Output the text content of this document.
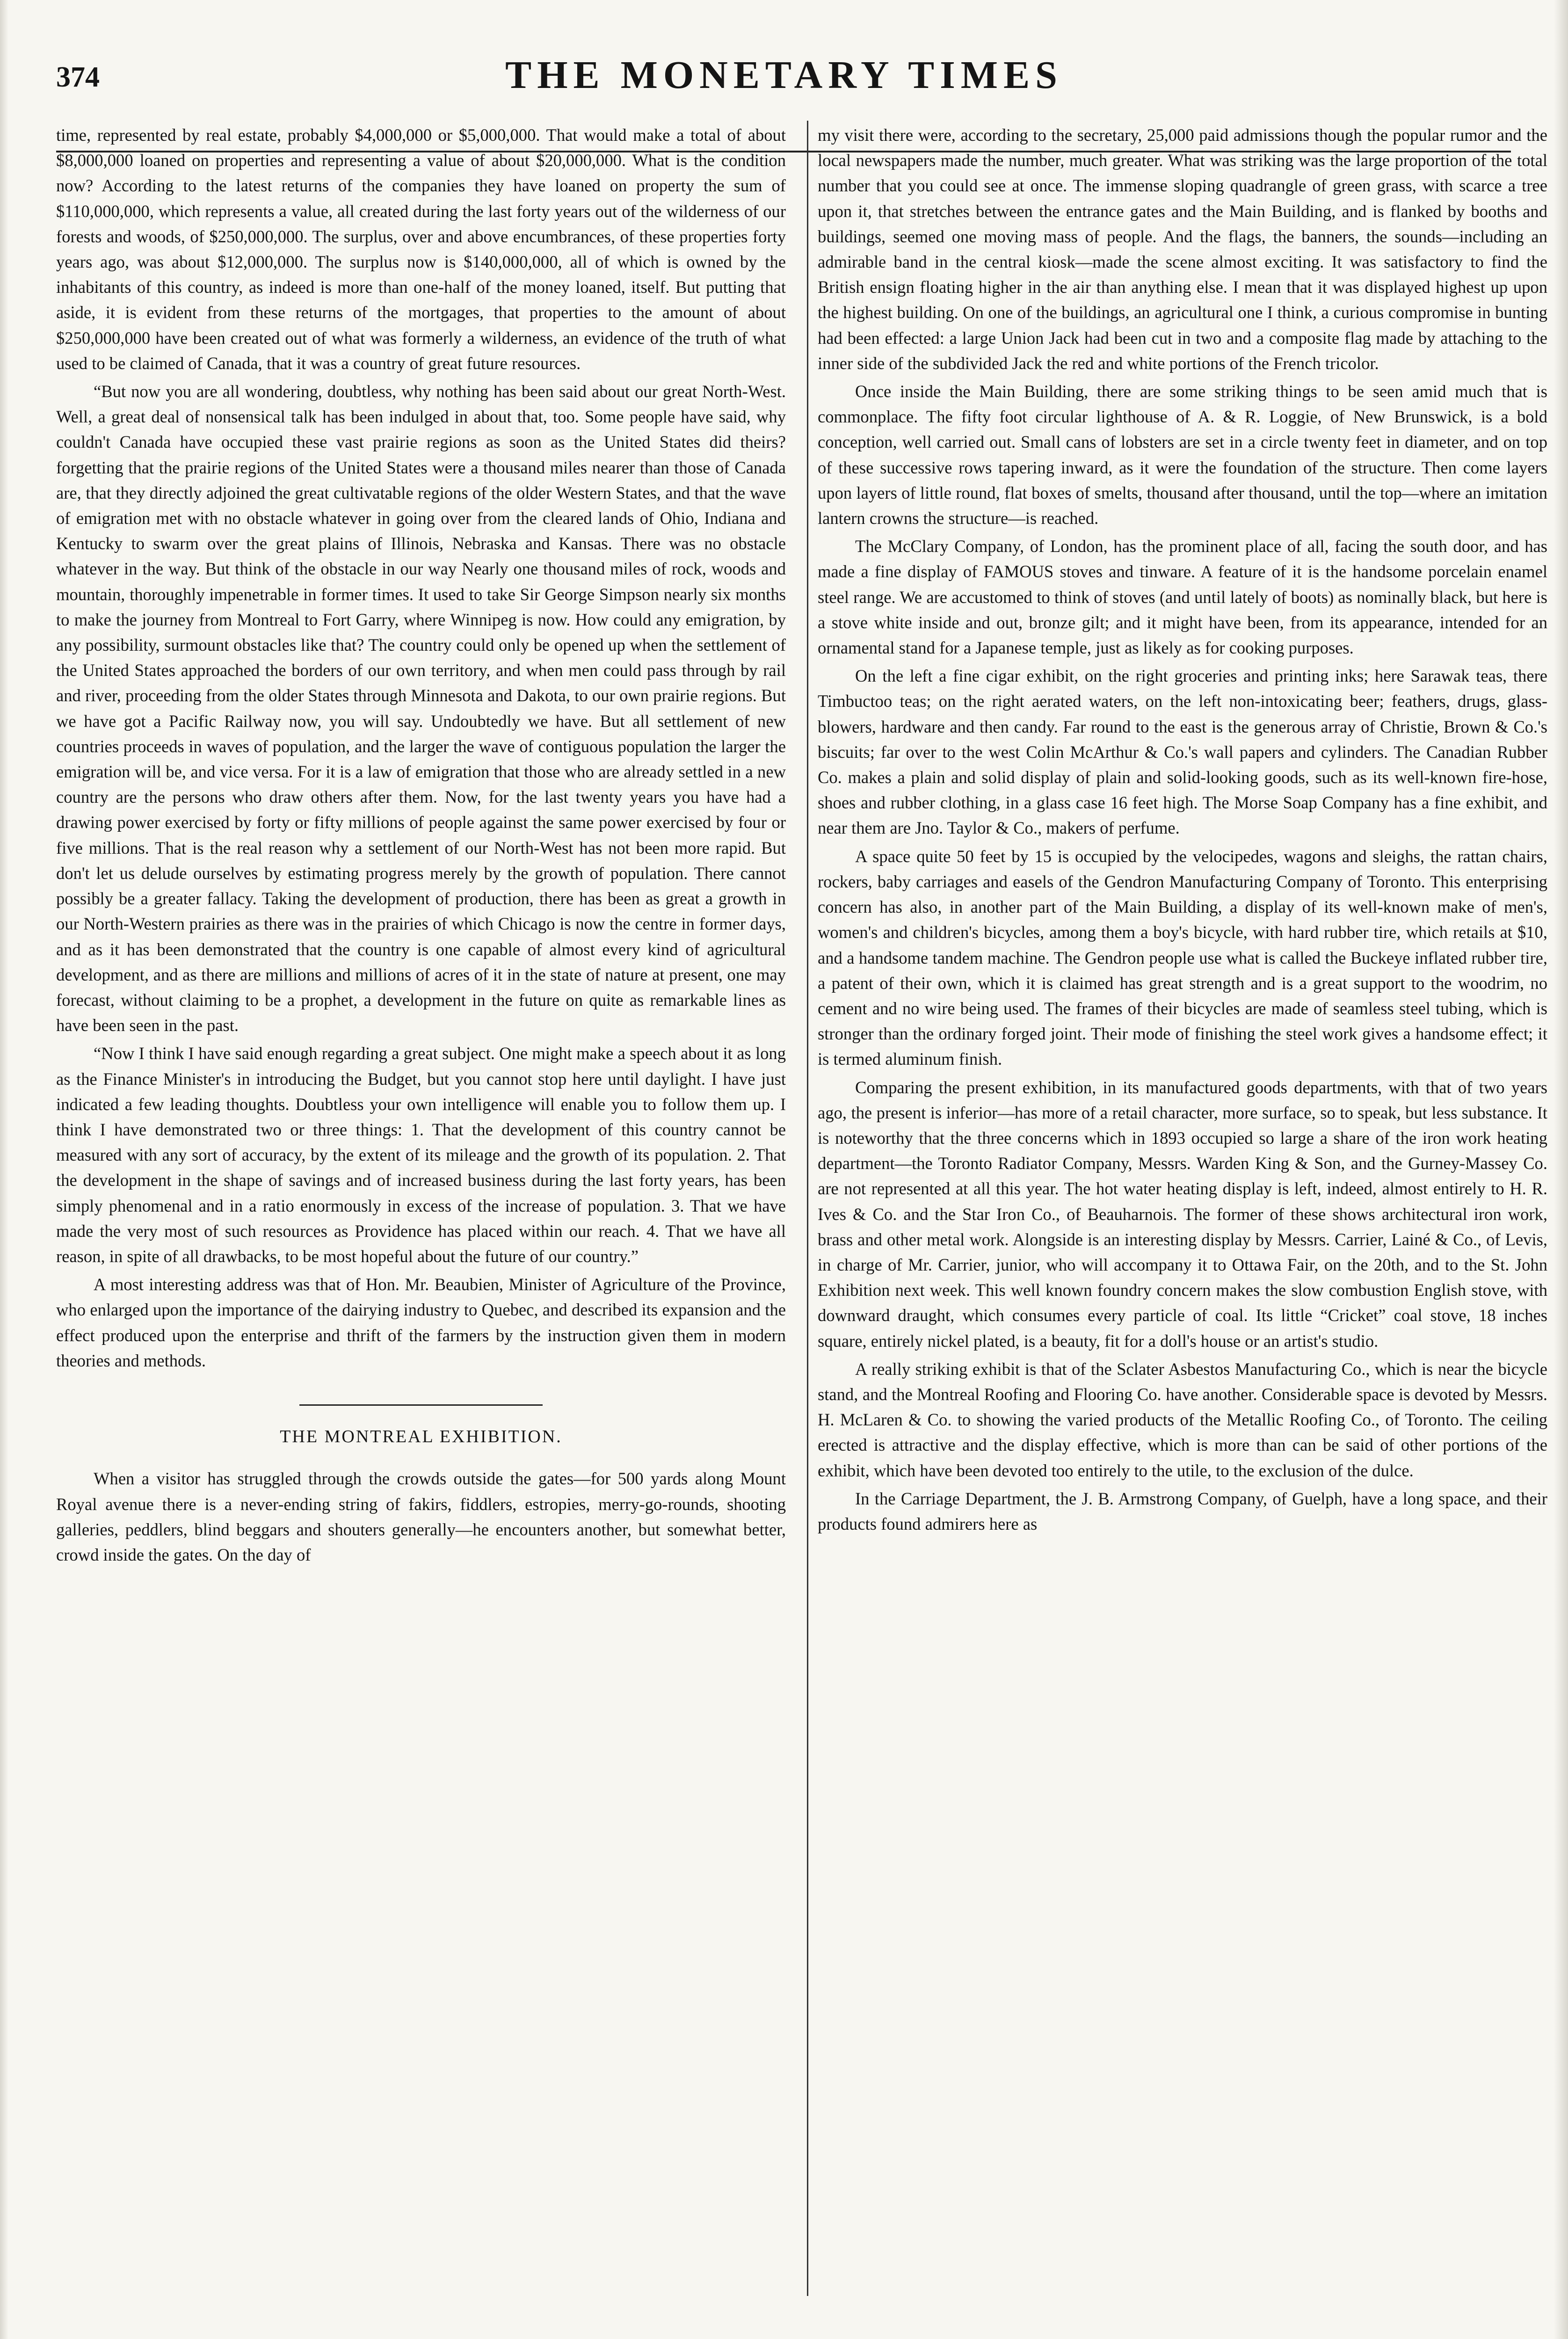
374	THE MONETARY TIMES

time, represented by real estate, probably $4,000,000 or $5,000,000. That would make a total of about $8,000,000 loaned on properties and representing a value of about $20,000,000. What is the condition now? According to the latest returns of the companies they have loaned on property the sum of $110,000,000, which represents a value, all created during the last forty years out of the wilderness of our forests and woods, of $250,000,000. The surplus, over and above encumbrances, of these properties forty years ago, was about $12,000,000. The surplus now is $140,000,000, all of which is owned by the inhabitants of this country, as indeed is more than one-half of the money loaned, itself. But putting that aside, it is evident from these returns of the mortgages, that properties to the amount of about $250,000,000 have been created out of what was formerly a wilderness, an evidence of the truth of what used to be claimed of Canada, that it was a country of great future resources.

“But now you are all wondering, doubtless, why nothing has been said about our great North-West. Well, a great deal of nonsensical talk has been indulged in about that, too. Some people have said, why couldn't Canada have occupied these vast prairie regions as soon as the United States did theirs? forgetting that the prairie regions of the United States were a thousand miles nearer than those of Canada are, that they directly adjoined the great cultivatable regions of the older Western States, and that the wave of emigration met with no obstacle whatever in going over from the cleared lands of Ohio, Indiana and Kentucky to swarm over the great plains of Illinois, Nebraska and Kansas. There was no obstacle whatever in the way. But think of the obstacle in our way Nearly one thousand miles of rock, woods and mountain, thoroughly impenetrable in former times. It used to take Sir George Simpson nearly six months to make the journey from Montreal to Fort Garry, where Winnipeg is now. How could any emigration, by any possibility, surmount obstacles like that? The country could only be opened up when the settlement of the United States approached the borders of our own territory, and when men could pass through by rail and river, proceeding from the older States through Minnesota and Dakota, to our own prairie regions. But we have got a Pacific Railway now, you will say. Undoubtedly we have. But all settlement of new countries proceeds in waves of population, and the larger the wave of contiguous population the larger the emigration will be, and vice versa. For it is a law of emigration that those who are already settled in a new country are the persons who draw others after them. Now, for the last twenty years you have had a drawing power exercised by forty or fifty millions of people against the same power exercised by four or five millions. That is the real reason why a settlement of our North-West has not been more rapid. But don't let us delude ourselves by estimating progress merely by the growth of population. There cannot possibly be a greater fallacy. Taking the development of production, there has been as great a growth in our North-Western prairies as there was in the prairies of which Chicago is now the centre in former days, and as it has been demonstrated that the country is one capable of almost every kind of agricultural development, and as there are millions and millions of acres of it in the state of nature at present, one may forecast, without claiming to be a prophet, a development in the future on quite as remarkable lines as have been seen in the past.

“Now I think I have said enough regarding a great subject. One might make a speech about it as long as the Finance Minister's in introducing the Budget, but you cannot stop here until daylight. I have just indicated a few leading thoughts. Doubtless your own intelligence will enable you to follow them up. I think I have demonstrated two or three things: 1. That the development of this country cannot be measured with any sort of accuracy, by the extent of its mileage and the growth of its population. 2. That the development in the shape of savings and of increased business during the last forty years, has been simply phenomenal and in a ratio enormously in excess of the increase of population. 3. That we have made the very most of such resources as Providence has placed within our reach. 4. That we have all reason, in spite of all drawbacks, to be most hopeful about the future of our country.”

A most interesting address was that of Hon. Mr. Beaubien, Minister of Agriculture of the Province, who enlarged upon the importance of the dairying industry to Quebec, and described its expansion and the effect produced upon the enterprise and thrift of the farmers by the instruction given them in modern theories and methods.

THE MONTREAL EXHIBITION.

When a visitor has struggled through the crowds outside the gates—for 500 yards along Mount Royal avenue there is a never-ending string of fakirs, fiddlers, estropies, merry-go-rounds, shooting galleries, peddlers, blind beggars and shouters generally—he encounters another, but somewhat better, crowd inside the gates. On the day of

my visit there were, according to the secretary, 25,000 paid admissions though the popular rumor and the local newspapers made the number, much greater. What was striking was the large proportion of the total number that you could see at once. The immense sloping quadrangle of green grass, with scarce a tree upon it, that stretches between the entrance gates and the Main Building, and is flanked by booths and buildings, seemed one moving mass of people. And the flags, the banners, the sounds—including an admirable band in the central kiosk—made the scene almost exciting. It was satisfactory to find the British ensign floating higher in the air than anything else. I mean that it was displayed highest up upon the highest building. On one of the buildings, an agricultural one I think, a curious compromise in bunting had been effected: a large Union Jack had been cut in two and a composite flag made by attaching to the inner side of the subdivided Jack the red and white portions of the French tricolor.

Once inside the Main Building, there are some striking things to be seen amid much that is commonplace. The fifty foot circular lighthouse of A. & R. Loggie, of New Brunswick, is a bold conception, well carried out. Small cans of lobsters are set in a circle twenty feet in diameter, and on top of these successive rows tapering inward, as it were the foundation of the structure. Then come layers upon layers of little round, flat boxes of smelts, thousand after thousand, until the top—where an imitation lantern crowns the structure—is reached.

The McClary Company, of London, has the prominent place of all, facing the south door, and has made a fine display of FAMOUS stoves and tinware. A feature of it is the handsome porcelain enamel steel range. We are accustomed to think of stoves (and until lately of boots) as nominally black, but here is a stove white inside and out, bronze gilt; and it might have been, from its appearance, intended for an ornamental stand for a Japanese temple, just as likely as for cooking purposes.

On the left a fine cigar exhibit, on the right groceries and printing inks; here Sarawak teas, there Timbuctoo teas; on the right aerated waters, on the left non-intoxicating beer; feathers, drugs, glass-blowers, hardware and then candy. Far round to the east is the generous array of Christie, Brown & Co.'s biscuits; far over to the west Colin McArthur & Co.'s wall papers and cylinders. The Canadian Rubber Co. makes a plain and solid display of plain and solid-looking goods, such as its well-known fire-hose, shoes and rubber clothing, in a glass case 16 feet high. The Morse Soap Company has a fine exhibit, and near them are Jno. Taylor & Co., makers of perfume.

A space quite 50 feet by 15 is occupied by the velocipedes, wagons and sleighs, the rattan chairs, rockers, baby carriages and easels of the Gendron Manufacturing Company of Toronto. This enterprising concern has also, in another part of the Main Building, a display of its well-known make of men's, women's and children's bicycles, among them a boy's bicycle, with hard rubber tire, which retails at $10, and a handsome tandem machine. The Gendron people use what is called the Buckeye inflated rubber tire, a patent of their own, which it is claimed has great strength and is a great support to the woodrim, no cement and no wire being used. The frames of their bicycles are made of seamless steel tubing, which is stronger than the ordinary forged joint. Their mode of finishing the steel work gives a handsome effect; it is termed aluminum finish.

Comparing the present exhibition, in its manufactured goods departments, with that of two years ago, the present is inferior—has more of a retail character, more surface, so to speak, but less substance. It is noteworthy that the three concerns which in 1893 occupied so large a share of the iron work heating department—the Toronto Radiator Company, Messrs. Warden King & Son, and the Gurney-Massey Co. are not represented at all this year. The hot water heating display is left, indeed, almost entirely to H. R. Ives & Co. and the Star Iron Co., of Beauharnois. The former of these shows architectural iron work, brass and other metal work. Alongside is an interesting display by Messrs. Carrier, Lainé & Co., of Levis, in charge of Mr. Carrier, junior, who will accompany it to Ottawa Fair, on the 20th, and to the St. John Exhibition next week. This well known foundry concern makes the slow combustion English stove, with downward draught, which consumes every particle of coal. Its little “Cricket” coal stove, 18 inches square, entirely nickel plated, is a beauty, fit for a doll's house or an artist's studio.

A really striking exhibit is that of the Sclater Asbestos Manufacturing Co., which is near the bicycle stand, and the Montreal Roofing and Flooring Co. have another. Considerable space is devoted by Messrs. H. McLaren & Co. to showing the varied products of the Metallic Roofing Co., of Toronto. The ceiling erected is attractive and the display effective, which is more than can be said of other portions of the exhibit, which have been devoted too entirely to the utile, to the exclusion of the dulce.

In the Carriage Department, the J. B. Armstrong Company, of Guelph, have a long space, and their products found admirers here as
